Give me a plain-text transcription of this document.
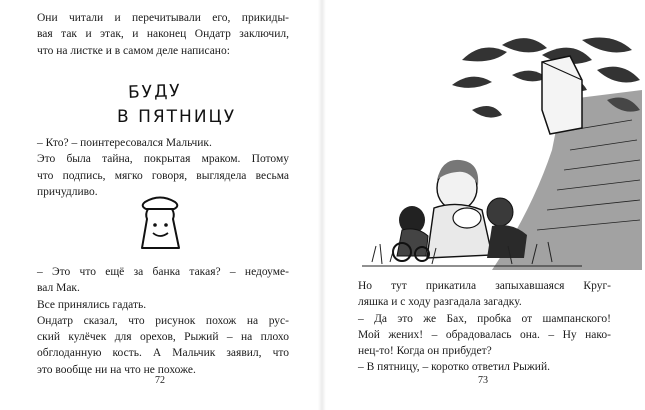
Они читали и перечитывали его, прикиды-
вая так и этак, и наконец Ондатр заключил,
что на листке и в самом деле написано:

БУДУ
В ПЯТНИЦУ

– Кто? – поинтересовался Мальчик.
Это была тайна, покрытая мраком. Потому
что подпись, мягко говоря, выглядела весьма
причудливо.

– Это что ещё за банка такая? – недоуме-
вал Мак.
Все принялись гадать.
Ондатр сказал, что рисунок похож на рус-
ский кулёчек для орехов, Рыжий – на плохо
обглоданную кость. А Мальчик заявил, что
это вообще ни на что не похоже.

72

Но тут прикатила запыхавшаяся Круг-
ляшка и с ходу разгадала загадку.
– Да это же Бах, пробка от шампанского!
Мой жених! – обрадовалась она. – Ну нако-
нец-то! Когда он прибудет?
– В пятницу, – коротко ответил Рыжий.

73
